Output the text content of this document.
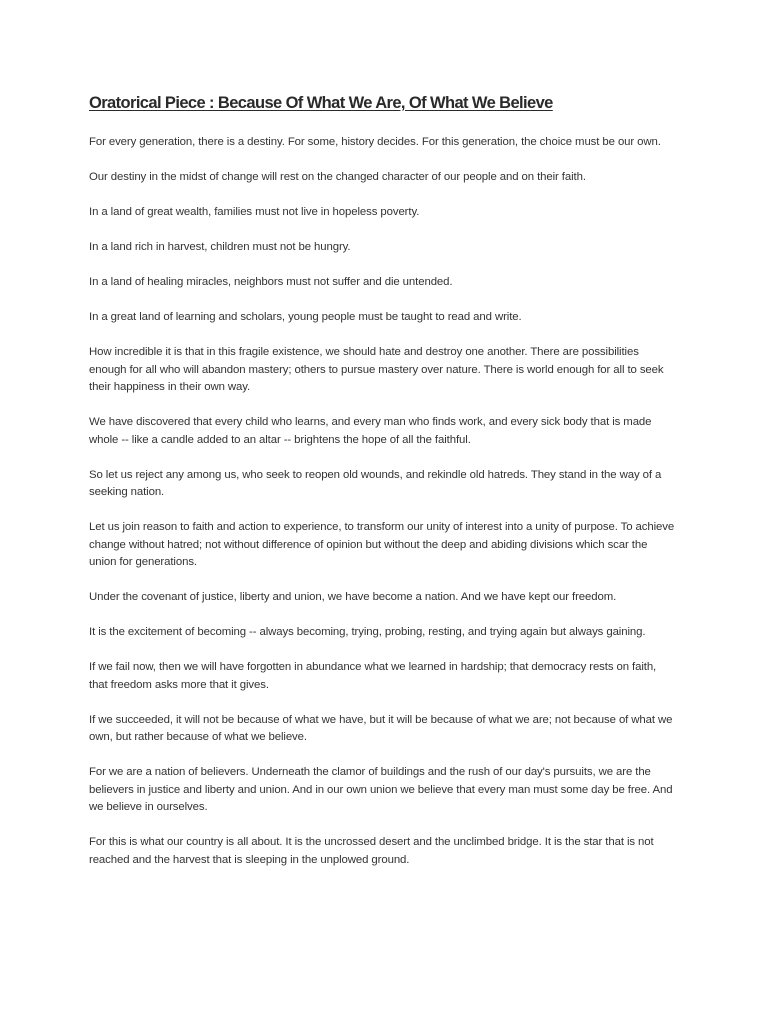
Oratorical Piece : Because Of What We Are, Of What We Believe

For every generation, there is a destiny. For some, history decides. For this generation, the choice must be our own.

Our destiny in the midst of change will rest on the changed character of our people and on their faith.

In a land of great wealth, families must not live in hopeless poverty.

In a land rich in harvest, children must not be hungry.

In a land of healing miracles, neighbors must not suffer and die untended.

In a great land of learning and scholars, young people must be taught to read and write.

How incredible it is that in this fragile existence, we should hate and destroy one another. There are possibilities enough for all who will abandon mastery; others to pursue mastery over nature. There is world enough for all to seek their happiness in their own way.

We have discovered that every child who learns, and every man who finds work, and every sick body that is made whole -- like a candle added to an altar -- brightens the hope of all the faithful.

So let us reject any among us, who seek to reopen old wounds, and rekindle old hatreds. They stand in the way of a seeking nation.

Let us join reason to faith and action to experience, to transform our unity of interest into a unity of purpose. To achieve change without hatred; not without difference of opinion but without the deep and abiding divisions which scar the union for generations.

Under the covenant of justice, liberty and union, we have become a nation. And we have kept our freedom.

It is the excitement of becoming -- always becoming, trying, probing, resting, and trying again but always gaining.

If we fail now, then we will have forgotten in abundance what we learned in hardship; that democracy rests on faith, that freedom asks more that it gives.

If we succeeded, it will not be because of what we have, but it will be because of what we are; not because of what we own, but rather because of what we believe.

For we are a nation of believers. Underneath the clamor of buildings and the rush of our day's pursuits, we are the believers in justice and liberty and union. And in our own union we believe that every man must some day be free. And we believe in ourselves.

For this is what our country is all about. It is the uncrossed desert and the unclimbed bridge. It is the star that is not reached and the harvest that is sleeping in the unplowed ground.
